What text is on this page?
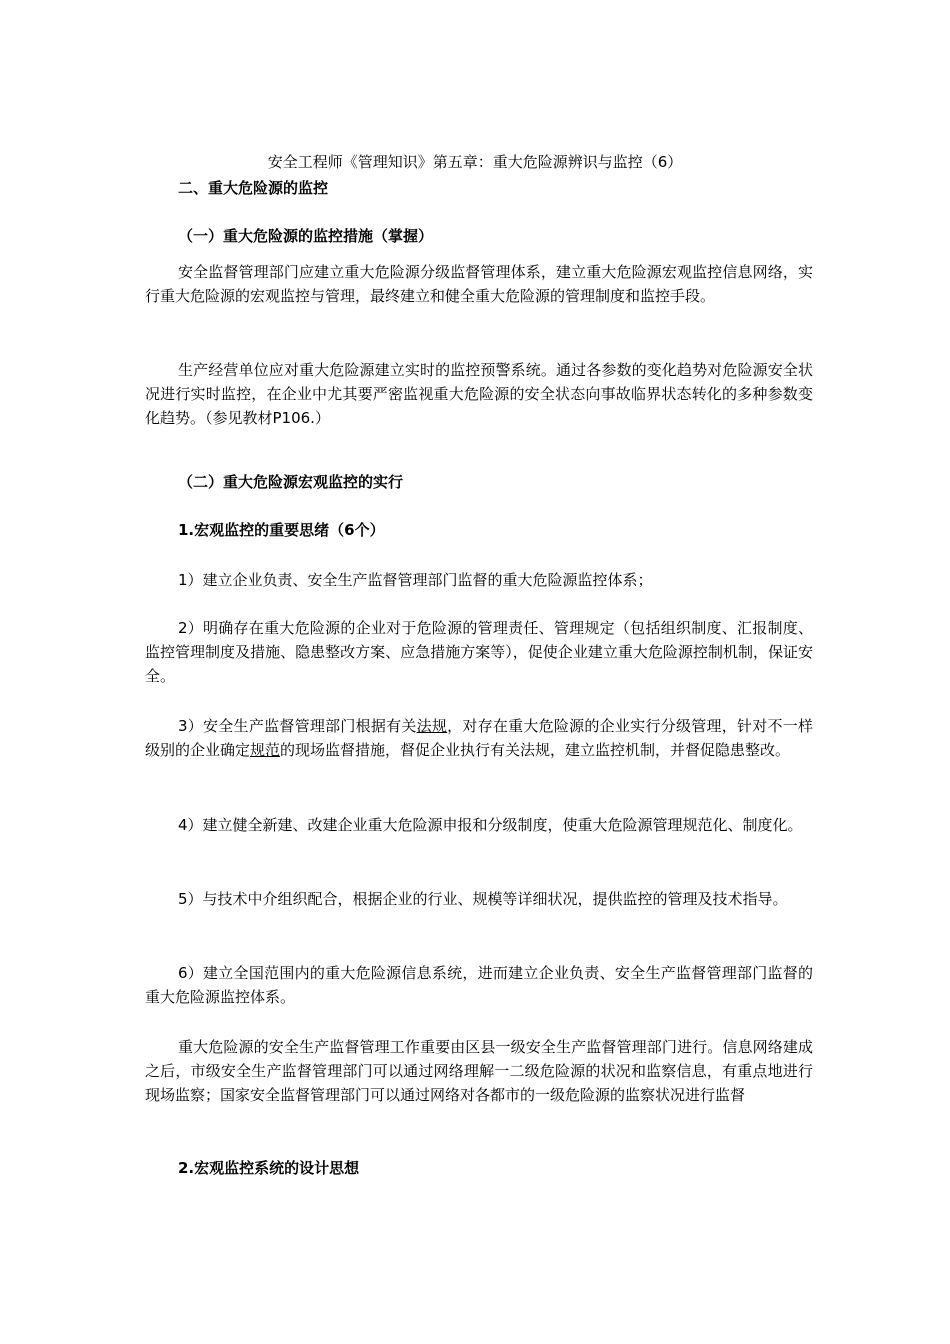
安全工程师《管理知识》第五章：重大危险源辨识与监控（6）
二、重大危险源的监控
（一）重大危险源的监控措施（掌握）

安全监督管理部门应建立重大危险源分级监督管理体系，建立重大危险源宏观监控信息网络，实行重大危险源的宏观监控与管理，最终建立和健全重大危险源的管理制度和监控手段。

生产经营单位应对重大危险源建立实时的监控预警系统。通过各参数的变化趋势对危险源安全状况进行实时监控，在企业中尤其要严密监视重大危险源的安全状态向事故临界状态转化的多种参数变化趋势。（参见教材P106.）

（二）重大危险源宏观监控的实行
1.宏观监控的重要思绪（6个）

1）建立企业负责、安全生产监督管理部门监督的重大危险源监控体系；

2）明确存在重大危险源的企业对于危险源的管理责任、管理规定（包括组织制度、汇报制度、监控管理制度及措施、隐患整改方案、应急措施方案等），促使企业建立重大危险源控制机制，保证安全。

3）安全生产监督管理部门根据有关法规，对存在重大危险源的企业实行分级管理，针对不一样级别的企业确定规范的现场监督措施，督促企业执行有关法规，建立监控机制，并督促隐患整改。

4）建立健全新建、改建企业重大危险源申报和分级制度，使重大危险源管理规范化、制度化。

5）与技术中介组织配合，根据企业的行业、规模等详细状况，提供监控的管理及技术指导。

6）建立全国范围内的重大危险源信息系统，进而建立企业负责、安全生产监督管理部门监督的重大危险源监控体系。

重大危险源的安全生产监督管理工作重要由区县一级安全生产监督管理部门进行。信息网络建成之后，市级安全生产监督管理部门可以通过网络理解一二级危险源的状况和监察信息，有重点地进行现场监察；国家安全监督管理部门可以通过网络对各都市的一级危险源的监察状况进行监督

2.宏观监控系统的设计思想
